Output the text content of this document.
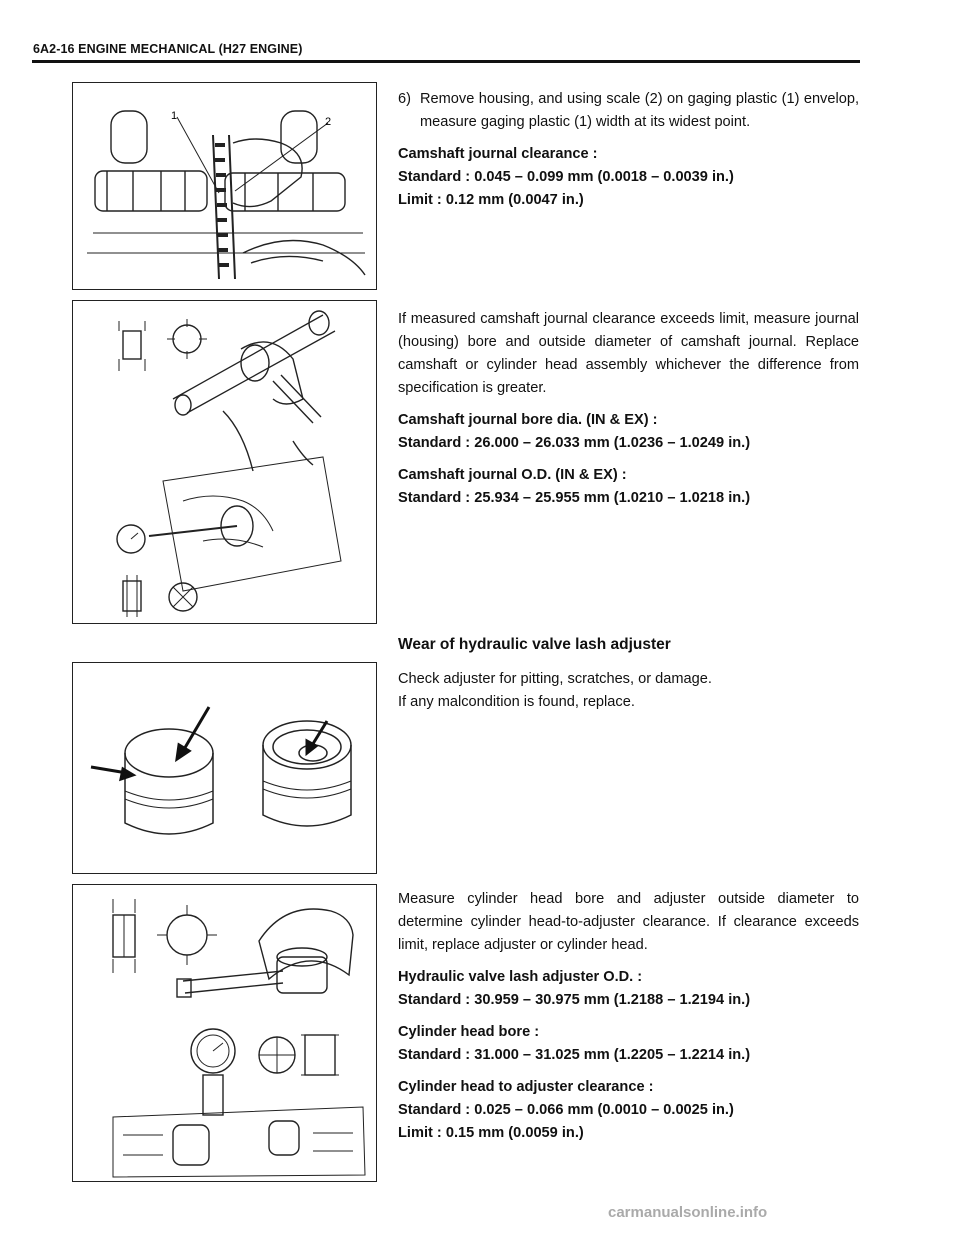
6A2-16 ENGINE MECHANICAL (H27 ENGINE)
1	2
6) Remove housing, and using scale (2) on gaging plastic (1) envelop, measure gaging plastic (1) width at its widest point.

Camshaft journal clearance :

Standard : 0.045 – 0.099 mm (0.0018 – 0.0039 in.)

Limit : 0.12 mm (0.0047 in.)

If measured camshaft journal clearance exceeds limit, measure journal (housing) bore and outside diameter of camshaft journal. Replace camshaft or cylinder head assembly whichever the difference from specification is greater.

Camshaft journal bore dia. (IN & EX) :

Standard : 26.000 – 26.033 mm (1.0236 – 1.0249 in.)

Camshaft journal O.D. (IN & EX) :

Standard : 25.934 – 25.955 mm (1.0210 – 1.0218 in.)

Wear of hydraulic valve lash adjuster

Check adjuster for pitting, scratches, or damage.

If any malcondition is found, replace.

Measure cylinder head bore and adjuster outside diameter to determine cylinder head-to-adjuster clearance. If clearance exceeds limit, replace adjuster or cylinder head.

Hydraulic valve lash adjuster O.D. :

Standard : 30.959 – 30.975 mm (1.2188 – 1.2194 in.)

Cylinder head bore :

Standard : 31.000 – 31.025 mm (1.2205 – 1.2214 in.)

Cylinder head to adjuster clearance :

Standard : 0.025 – 0.066 mm (0.0010 – 0.0025 in.)

Limit : 0.15 mm (0.0059 in.)

carmanualsonline.info
